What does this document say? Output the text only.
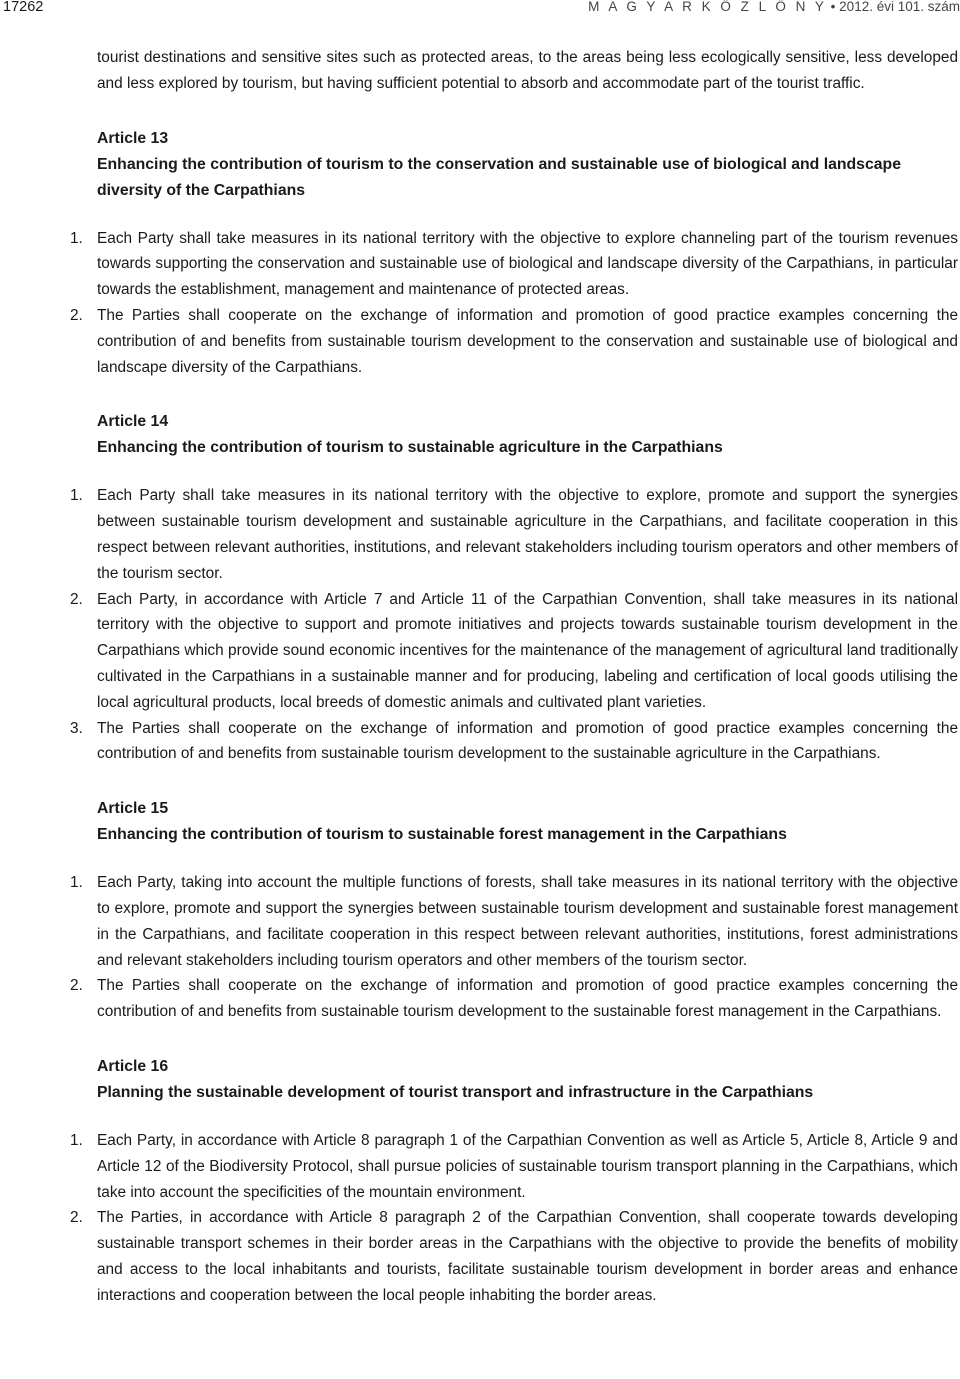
17262	M A G Y A R K Ö Z L Ö N Y • 2012. évi 101. szám

tourist destinations and sensitive sites such as protected areas, to the areas being less ecologically sensitive, less developed and less explored by tourism, but having sufficient potential to absorb and accommodate part of the tourist traffic.

Article 13
Enhancing the contribution of tourism to the conservation and sustainable use of biological and landscape diversity of the Carpathians
1. Each Party shall take measures in its national territory with the objective to explore channeling part of the tourism revenues towards supporting the conservation and sustainable use of biological and landscape diversity of the Carpathians, in particular towards the establishment, management and maintenance of protected areas.
2. The Parties shall cooperate on the exchange of information and promotion of good practice examples concerning the contribution of and benefits from sustainable tourism development to the conservation and sustainable use of biological and landscape diversity of the Carpathians.
Article 14
Enhancing the contribution of tourism to sustainable agriculture in the Carpathians
1. Each Party shall take measures in its national territory with the objective to explore, promote and support the synergies between sustainable tourism development and sustainable agriculture in the Carpathians, and facilitate cooperation in this respect between relevant authorities, institutions, and relevant stakeholders including tourism operators and other members of the tourism sector.
2. Each Party, in accordance with Article 7 and Article 11 of the Carpathian Convention, shall take measures in its national territory with the objective to support and promote initiatives and projects towards sustainable tourism development in the Carpathians which provide sound economic incentives for the maintenance of the management of agricultural land traditionally cultivated in the Carpathians in a sustainable manner and for producing, labeling and certification of local goods utilising the local agricultural products, local breeds of domestic animals and cultivated plant varieties.
3. The Parties shall cooperate on the exchange of information and promotion of good practice examples concerning the contribution of and benefits from sustainable tourism development to the sustainable agriculture in the Carpathians.
Article 15
Enhancing the contribution of tourism to sustainable forest management in the Carpathians
1. Each Party, taking into account the multiple functions of forests, shall take measures in its national territory with the objective to explore, promote and support the synergies between sustainable tourism development and sustainable forest management in the Carpathians, and facilitate cooperation in this respect between relevant authorities, institutions, forest administrations and relevant stakeholders including tourism operators and other members of the tourism sector.
2. The Parties shall cooperate on the exchange of information and promotion of good practice examples concerning the contribution of and benefits from sustainable tourism development to the sustainable forest management in the Carpathians.
Article 16
Planning the sustainable development of tourist transport and infrastructure in the Carpathians
1. Each Party, in accordance with Article 8 paragraph 1 of the Carpathian Convention as well as Article 5, Article 8, Article 9 and Article 12 of the Biodiversity Protocol, shall pursue policies of sustainable tourism transport planning in the Carpathians, which take into account the specificities of the mountain environment.
2. The Parties, in accordance with Article 8 paragraph 2 of the Carpathian Convention, shall cooperate towards developing sustainable transport schemes in their border areas in the Carpathians with the objective to provide the benefits of mobility and access to the local inhabitants and tourists, facilitate sustainable tourism development in border areas and enhance interactions and cooperation between the local people inhabiting the border areas.
